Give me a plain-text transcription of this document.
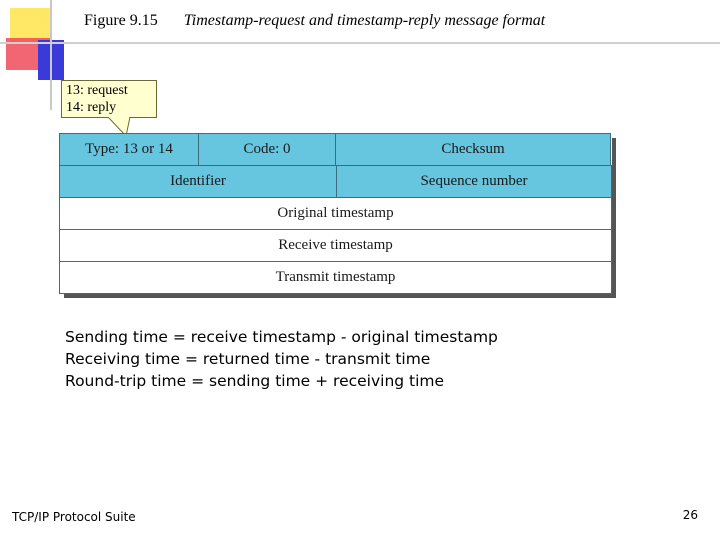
Figure 9.15 Timestamp-request and timestamp-reply message format
13: request
14: reply
Type: 13 or 14	Code: 0	Checksum
Identifier	Sequence number
Original timestamp
Receive timestamp
Transmit timestamp
Sending time = receive timestamp - original timestamp
Receiving time = returned time - transmit time
Round-trip time = sending time + receiving time
TCP/IP Protocol Suite	26
